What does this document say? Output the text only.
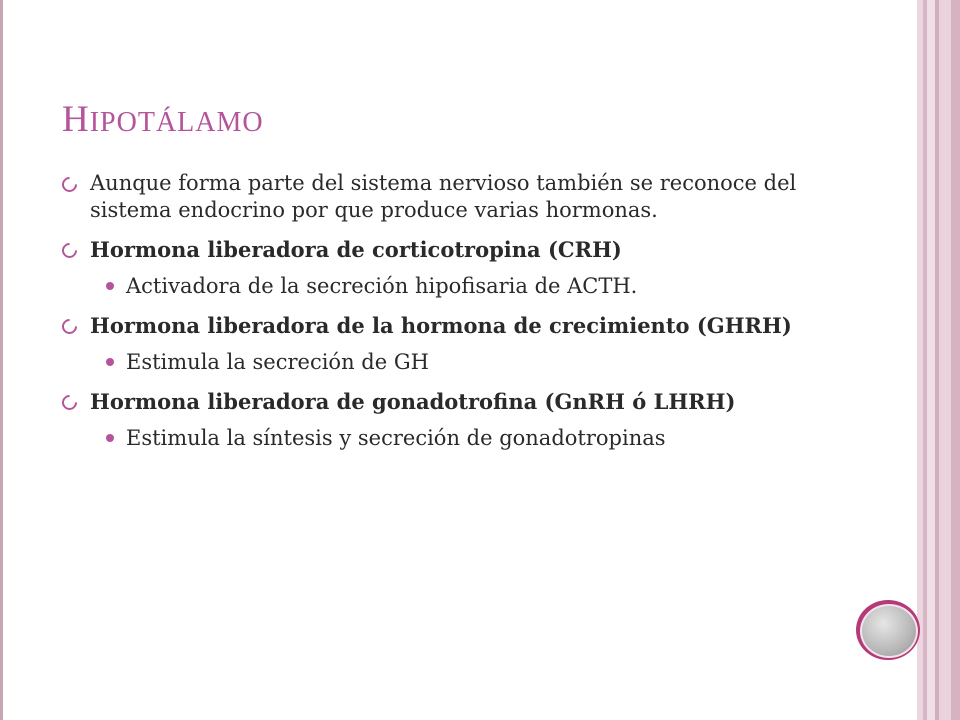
HIPOTÁLAMO
Aunque forma parte del sistema nervioso también se reconoce del sistema endocrino por que produce varias hormonas.
Hormona liberadora de corticotropina (CRH)
Activadora de la secreción hipofisaria de ACTH.
Hormona liberadora de la hormona de crecimiento (GHRH)
Estimula la secreción de GH
Hormona liberadora de gonadotrofina (GnRH ó LHRH)
Estimula la síntesis y secreción de gonadotropinas
